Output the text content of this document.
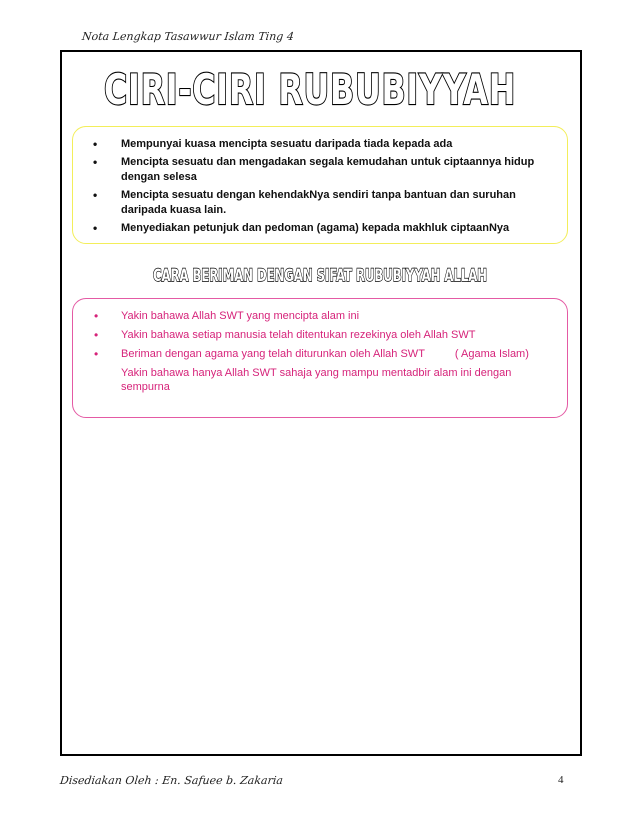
Nota Lengkap Tasawwur Islam Ting 4
CIRI-CIRI RUBUBIYYAH
• Mempunyai kuasa mencipta sesuatu daripada tiada kepada ada
• Mencipta sesuatu dan mengadakan segala kemudahan untuk ciptaannya hidup dengan selesa
• Mencipta sesuatu dengan kehendakNya sendiri tanpa bantuan dan suruhan daripada kuasa lain.
• Menyediakan petunjuk dan pedoman (agama) kepada makhluk ciptaanNya
CARA BERIMAN DENGAN SIFAT RUBUBIYYAH ALLAH
• Yakin bahawa Allah SWT yang mencipta alam ini
• Yakin bahawa setiap manusia telah ditentukan rezekinya oleh Allah SWT
• Beriman dengan agama yang telah diturunkan oleh Allah SWT	( Agama Islam)
Yakin bahawa hanya Allah SWT sahaja yang mampu mentadbir alam ini dengan sempurna
Disediakan Oleh : En. Safuee b. Zakaria	4
